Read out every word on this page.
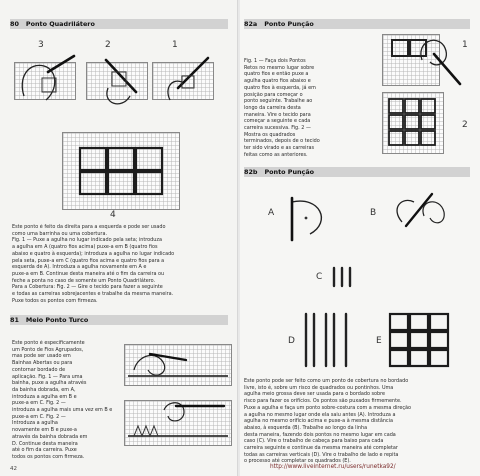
80 Ponto Quadrilátero
3	2	1
4
Este ponto é feito da direita para a esquerda e pode ser usado
como uma barrinha ou uma cobertura.
Fig. 1 — Puxe a agulha no lugar indicado pela seta; introduza
a agulha em A (quatro fios acima) puxe-a em B (quatro fios
abaixo e quatro à esquerda); introduza a agulha no lugar indicado
pela seta, puxe-a em C (quatro fios acima e quatro fios para a
esquerda de A). Introduza a agulha novamente em A e
puxe-a em B. Continue desta maneira até o fim da carreira ou
feche a ponta no caso de somente um Ponto Quadrilátero.
Para a Cobertura: Fig. 2 — Gire o tecido para fazer a seguinte
e todas as carreiras sobrejacentes e trabalhe da mesma maneira.
Puxe todos os pontos com firmeza.
81 Meio Ponto Turco
Este ponto é especificamente
um Ponto de Fios Agrupados,
mas pode ser usado em
Bainhas Abertas ou para
contornar bordado de
aplicação. Fig. 1 — Para uma
bainha, puxe a agulha através
da bainha dobrada, em A,
introduza a agulha em B e
puxe-a em C. Fig. 2 —
introduza a agulha mais uma vez em B e
puxe-a em C. Fig. 2 —
Introduza a agulha
novamente em B e puxe-a
através da bainha dobrada em
D. Continue desta maneira
até o fim da carreira. Puxe
todos os pontos com firmeza.
42
82a Ponto Punção
Fig. 1 — Faça dois Pontos
Retos no mesmo lugar sobre
quatro fios e então puxe a
agulha quatro fios abaixo e
quatro fios à esquerda, já em
posição para começar o
ponto seguinte. Trabalhe ao
longo da carreira desta
maneira. Vire o tecido para
começar a seguinte e cada
carreira sucessiva. Fig. 2 —
Mostra os quadrados
terminados, depois de o tecido
ter sido virado e as carreiras
feitas como as anteriores.
1
2
82b Ponto Punção
A	B
C
D	E
Este ponto pode ser feito como um ponto de cobertura no bordado
livre, isto é, sobre um risco de quadrados ou pontinhos. Uma
agulha meio grossa deve ser usada para o bordado sobre
risco para fazer os orifícios. Os pontos são puxados firmemente.
Puxe a agulha e faça um ponto sobre-costura com a mesma direção
a agulha no mesmo lugar onde ela saiu antes (A). Introduza a
agulha no mesmo orifício acima e puxe-a à mesma distância
abaixo, à esquerda (B). Trabalhe ao longo da linha
desta maneira, fazendo dois pontos no mesmo lugar em cada
caso (C). Vire o trabalho de cabeça para baixo para cada
carreira seguinte e continue da mesma maneira até completar
todas as carreiras verticais (D). Vire o trabalho de lado e repita
o processo até completar os quadrados (E).
http://www.liveinternet.ru/users/runetka92/
